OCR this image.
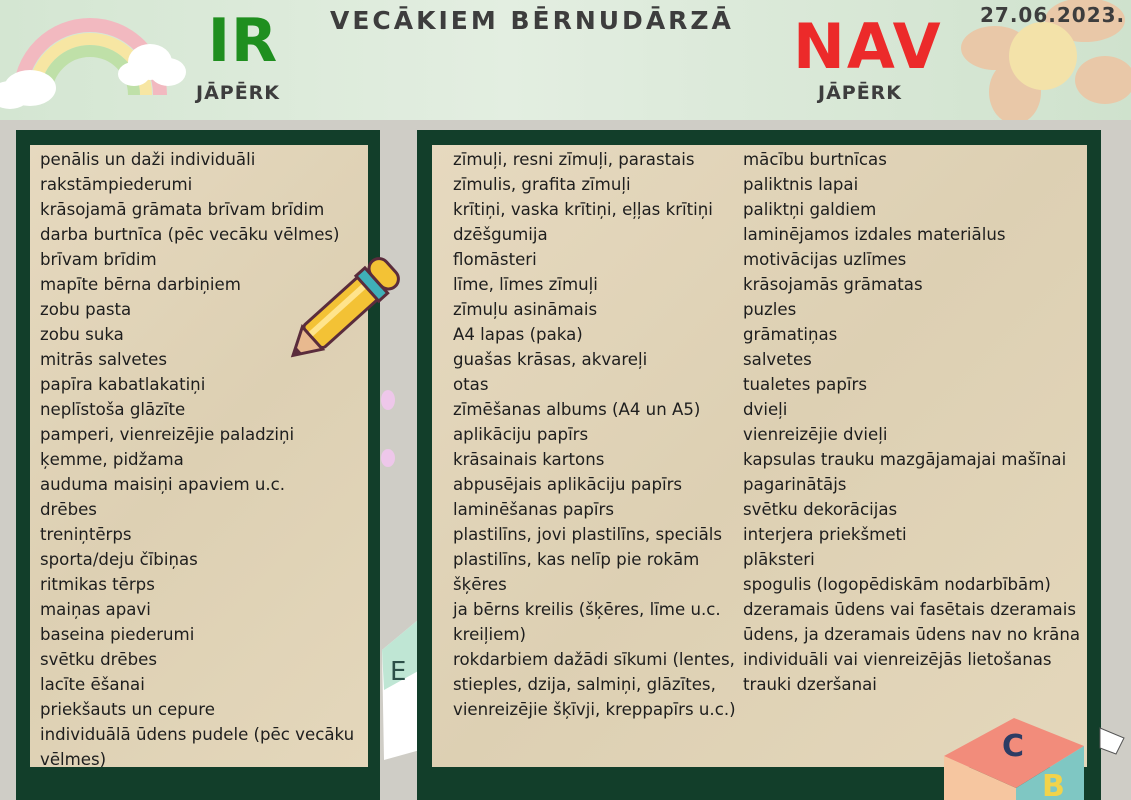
IR
JĀPĒRK
VECĀKIEM BĒRNUDĀRZĀ NAV
JĀPĒRK
27.06.2023.
penālis un daži individuāli
rakstāmpiederumi
krāsojamā grāmata brīvam brīdim
darba burtnīca (pēc vecāku vēlmes)
brīvam brīdim
mapīte bērna darbiņiem
zobu pasta
zobu suka
mitrās salvetes
papīra kabatlakatiņi
neplīstoša glāzīte
pamperi, vienreizējie paladziņi
ķemme, pidžama
auduma maisiņi apaviem u.c.
drēbes
treniņtērps
sporta/deju čībiņas
ritmikas tērps
maiņas apavi
baseina piederumi
svētku drēbes
lacīte ēšanai
priekšauts un cepure
individuālā ūdens pudele (pēc vecāku
vēlmes)
E
zīmuļi, resni zīmuļi, parastais
zīmulis, grafita zīmuļi
krītiņi, vaska krītiņi, eļļas krītiņi
dzēšgumija
flomāsteri
līme, līmes zīmuļi
zīmuļu asināmais
A4 lapas (paka)
guašas krāsas, akvareļi
otas
zīmēšanas albums (A4 un A5)
aplikāciju papīrs
krāsainais kartons
abpusējais aplikāciju papīrs
laminēšanas papīrs
plastilīns, jovi plastilīns, speciāls
plastilīns, kas nelīp pie rokām
šķēres
ja bērns kreilis (šķēres, līme u.c.
kreiļiem)
rokdarbiem dažādi sīkumi (lentes,
stieples, dzija, salmiņi, glāzītes,
vienreizējie šķīvji, kreppapīrs u.c.)
mācību burtnīcas
paliktnis lapai
paliktņi galdiem
laminējamos izdales materiālus
motivācijas uzlīmes
krāsojamās grāmatas
puzles
grāmatiņas
salvetes
tualetes papīrs
dvieļi
vienreizējie dvieļi
kapsulas trauku mazgājamajai mašīnai
pagarinātājs
svētku dekorācijas
interjera priekšmeti
plāksteri
spogulis (logopēdiskām nodarbībām)
dzeramais ūdens vai fasētais dzeramais
ūdens, ja dzeramais ūdens nav no krāna
individuāli vai vienreizējās lietošanas
trauki dzeršanai
C
B
